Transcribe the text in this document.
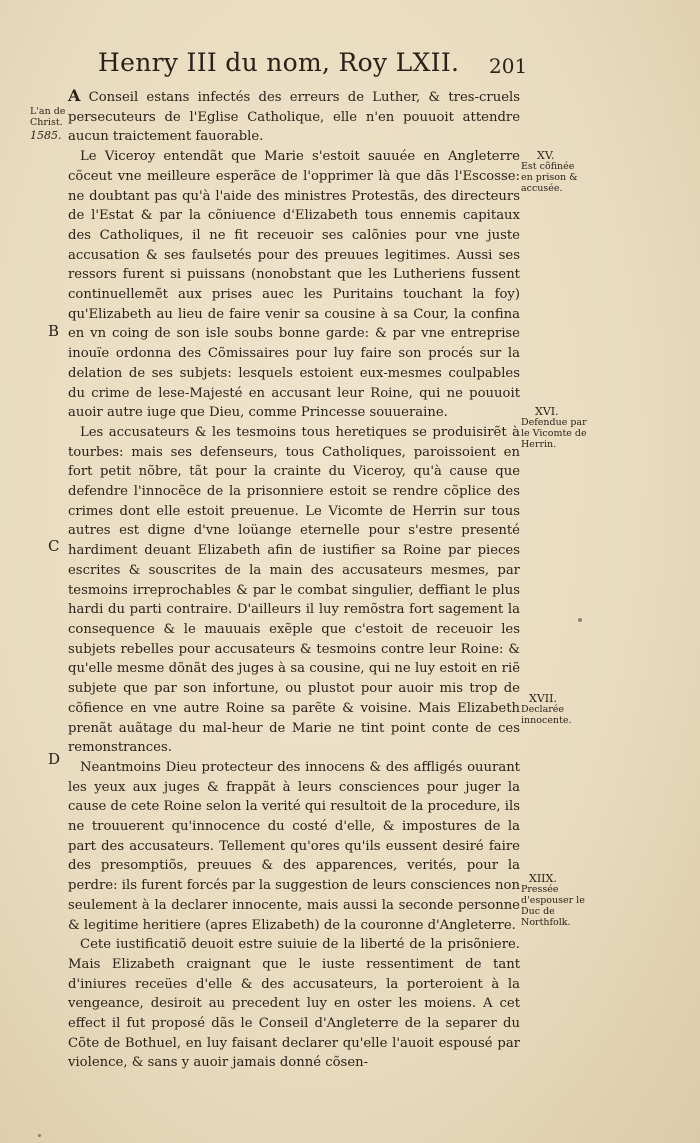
Henry III du nom, Roy LXII.	201
L'an de Christ.
1585.
B
C
D

A Conseil estans infectés des erreurs de Luther, & tres-cruels persecuteurs de l'Eglise Catholique, elle n'en pouuoit attendre aucun traictement fauorable.

Le Viceroy entendãt que Marie s'estoit sauuée en Angleterre cõceut vne meilleure esperãce de l'opprimer là que dãs l'Escosse: ne doubtant pas qu'à l'aide des ministres Protestãs, des directeurs de l'Estat & par la cõniuence d'Elizabeth tous ennemis capitaux des Catholiques, il ne fit receuoir ses calõnies pour vne juste accusation & ses faulsetés pour des preuues legitimes. Aussi ses ressors furent si puissans (nonobstant que les Lutheriens fussent continuellemẽt aux prises auec les Puritains touchant la foy) qu'Elizabeth au lieu de faire venir sa cousine à sa Cour, la confina en vn coing de son isle soubs bonne garde: & par vne entreprise inouïe ordonna des Cõmissaires pour luy faire son procés sur la delation de ses subjets: lesquels estoient eux-mesmes coulpables du crime de lese-Majesté en accusant leur Roine, qui ne pouuoit auoir autre iuge que Dieu, comme Princesse souueraine.

Les accusateurs & les tesmoins tous heretiques se produisirẽt à tourbes: mais ses defenseurs, tous Catholiques, paroissoient en fort petit nõbre, tãt pour la crainte du Viceroy, qu'à cause que defendre l'innocẽce de la prisonniere estoit se rendre cõplice des crimes dont elle estoit preuenue. Le Vicomte de Herrin sur tous autres est digne d'vne loüange eternelle pour s'estre presenté hardiment deuant Elizabeth afin de iustifier sa Roine par pieces escrites & souscrites de la main des accusateurs mesmes, par tesmoins irreprochables & par le combat singulier, deffiant le plus hardi du parti contraire. D'ailleurs il luy remõstra fort sagement la consequence & le mauuais exẽple que c'estoit de receuoir les subjets rebelles pour accusateurs & tesmoins contre leur Roine: & qu'elle mesme dõnãt des juges à sa cousine, qui ne luy estoit en riẽ subjete que par son infortune, ou plustot pour auoir mis trop de cõfience en vne autre Roine sa parẽte & voisine. Mais Elizabeth prenãt auãtage du mal-heur de Marie ne tint point conte de ces remonstrances.

Neantmoins Dieu protecteur des innocens & des affligés ouurant les yeux aux juges & frappãt à leurs consciences pour juger la cause de cete Roine selon la verité qui resultoit de la procedure, ils ne trouuerent qu'innocence du costé d'elle, & impostures de la part des accusateurs. Tellement qu'ores qu'ils eussent desiré faire des presomptiõs, preuues & des apparences, verités, pour la perdre: ils furent forcés par la suggestion de leurs consciences non seulement à la declarer innocente, mais aussi la seconde personne & legitime heritiere (apres Elizabeth) de la couronne d'Angleterre.

Cete iustificatiõ deuoit estre suiuie de la liberté de la prisõniere. Mais Elizabeth craignant que le iuste ressentiment de tant d'iniures receües d'elle & des accusateurs, la porteroient à la vengeance, desiroit au precedent luy en oster les moiens. A cet effect il fut proposé dãs le Conseil d'Angleterre de la separer du Cõte de Bothuel, en luy faisant declarer qu'elle l'auoit espousé par violence, & sans y auoir jamais donné cõsen-

XV.
Est cõfinée en prison & accusée.
XVI.
Defendue par le Vicomte de Herrin.
XVII.
Declarée innocente.
XIIX.
Pressée d'espouser le Duc de Northfolk.
